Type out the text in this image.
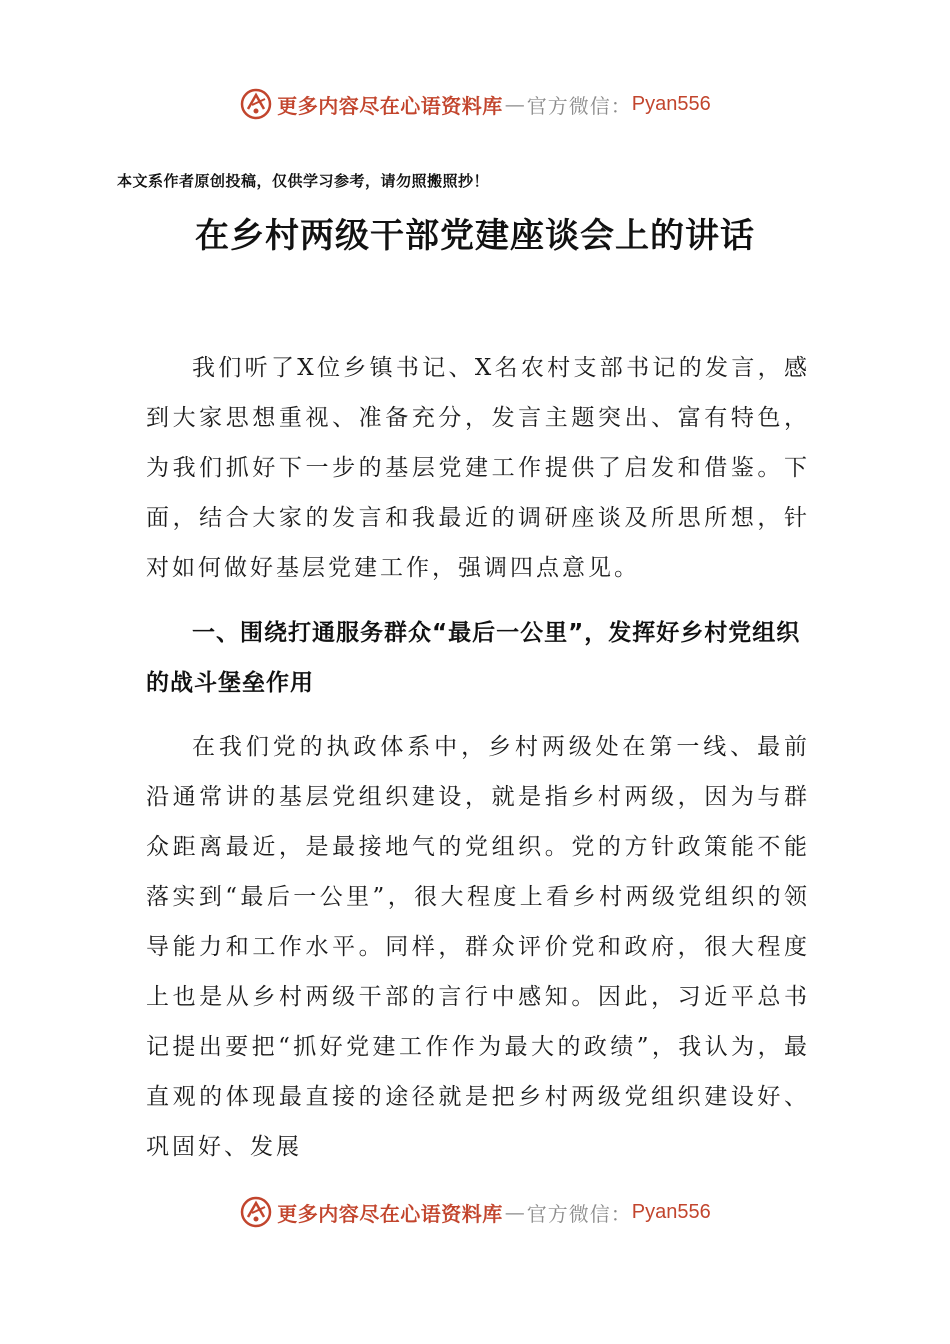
更多内容尽在心语资料库 — 官方微信： Pyan556
本文系作者原创投稿，仅供学习参考，请勿照搬照抄！
在乡村两级干部党建座谈会上的讲话
我们听了X位乡镇书记、X名农村支部书记的发言，感到大家思想重视、准备充分，发言主题突出、富有特色，为我们抓好下一步的基层党建工作提供了启发和借鉴。下面，结合大家的发言和我最近的调研座谈及所思所想，针对如何做好基层党建工作，强调四点意见。
一、围绕打通服务群众“最后一公里”，发挥好乡村党组织的战斗堡垒作用
在我们党的执政体系中，乡村两级处在第一线、最前沿通常讲的基层党组织建设，就是指乡村两级，因为与群众距离最近，是最接地气的党组织。党的方针政策能不能落实到“最后一公里”，很大程度上看乡村两级党组织的领导能力和工作水平。同样，群众评价党和政府，很大程度上也是从乡村两级干部的言行中感知。因此，习近平总书记提出要把“抓好党建工作作为最大的政绩”，我认为，最直观的体现最直接的途径就是把乡村两级党组织建设好、巩固好、发展
更多内容尽在心语资料库 — 官方微信： Pyan556
